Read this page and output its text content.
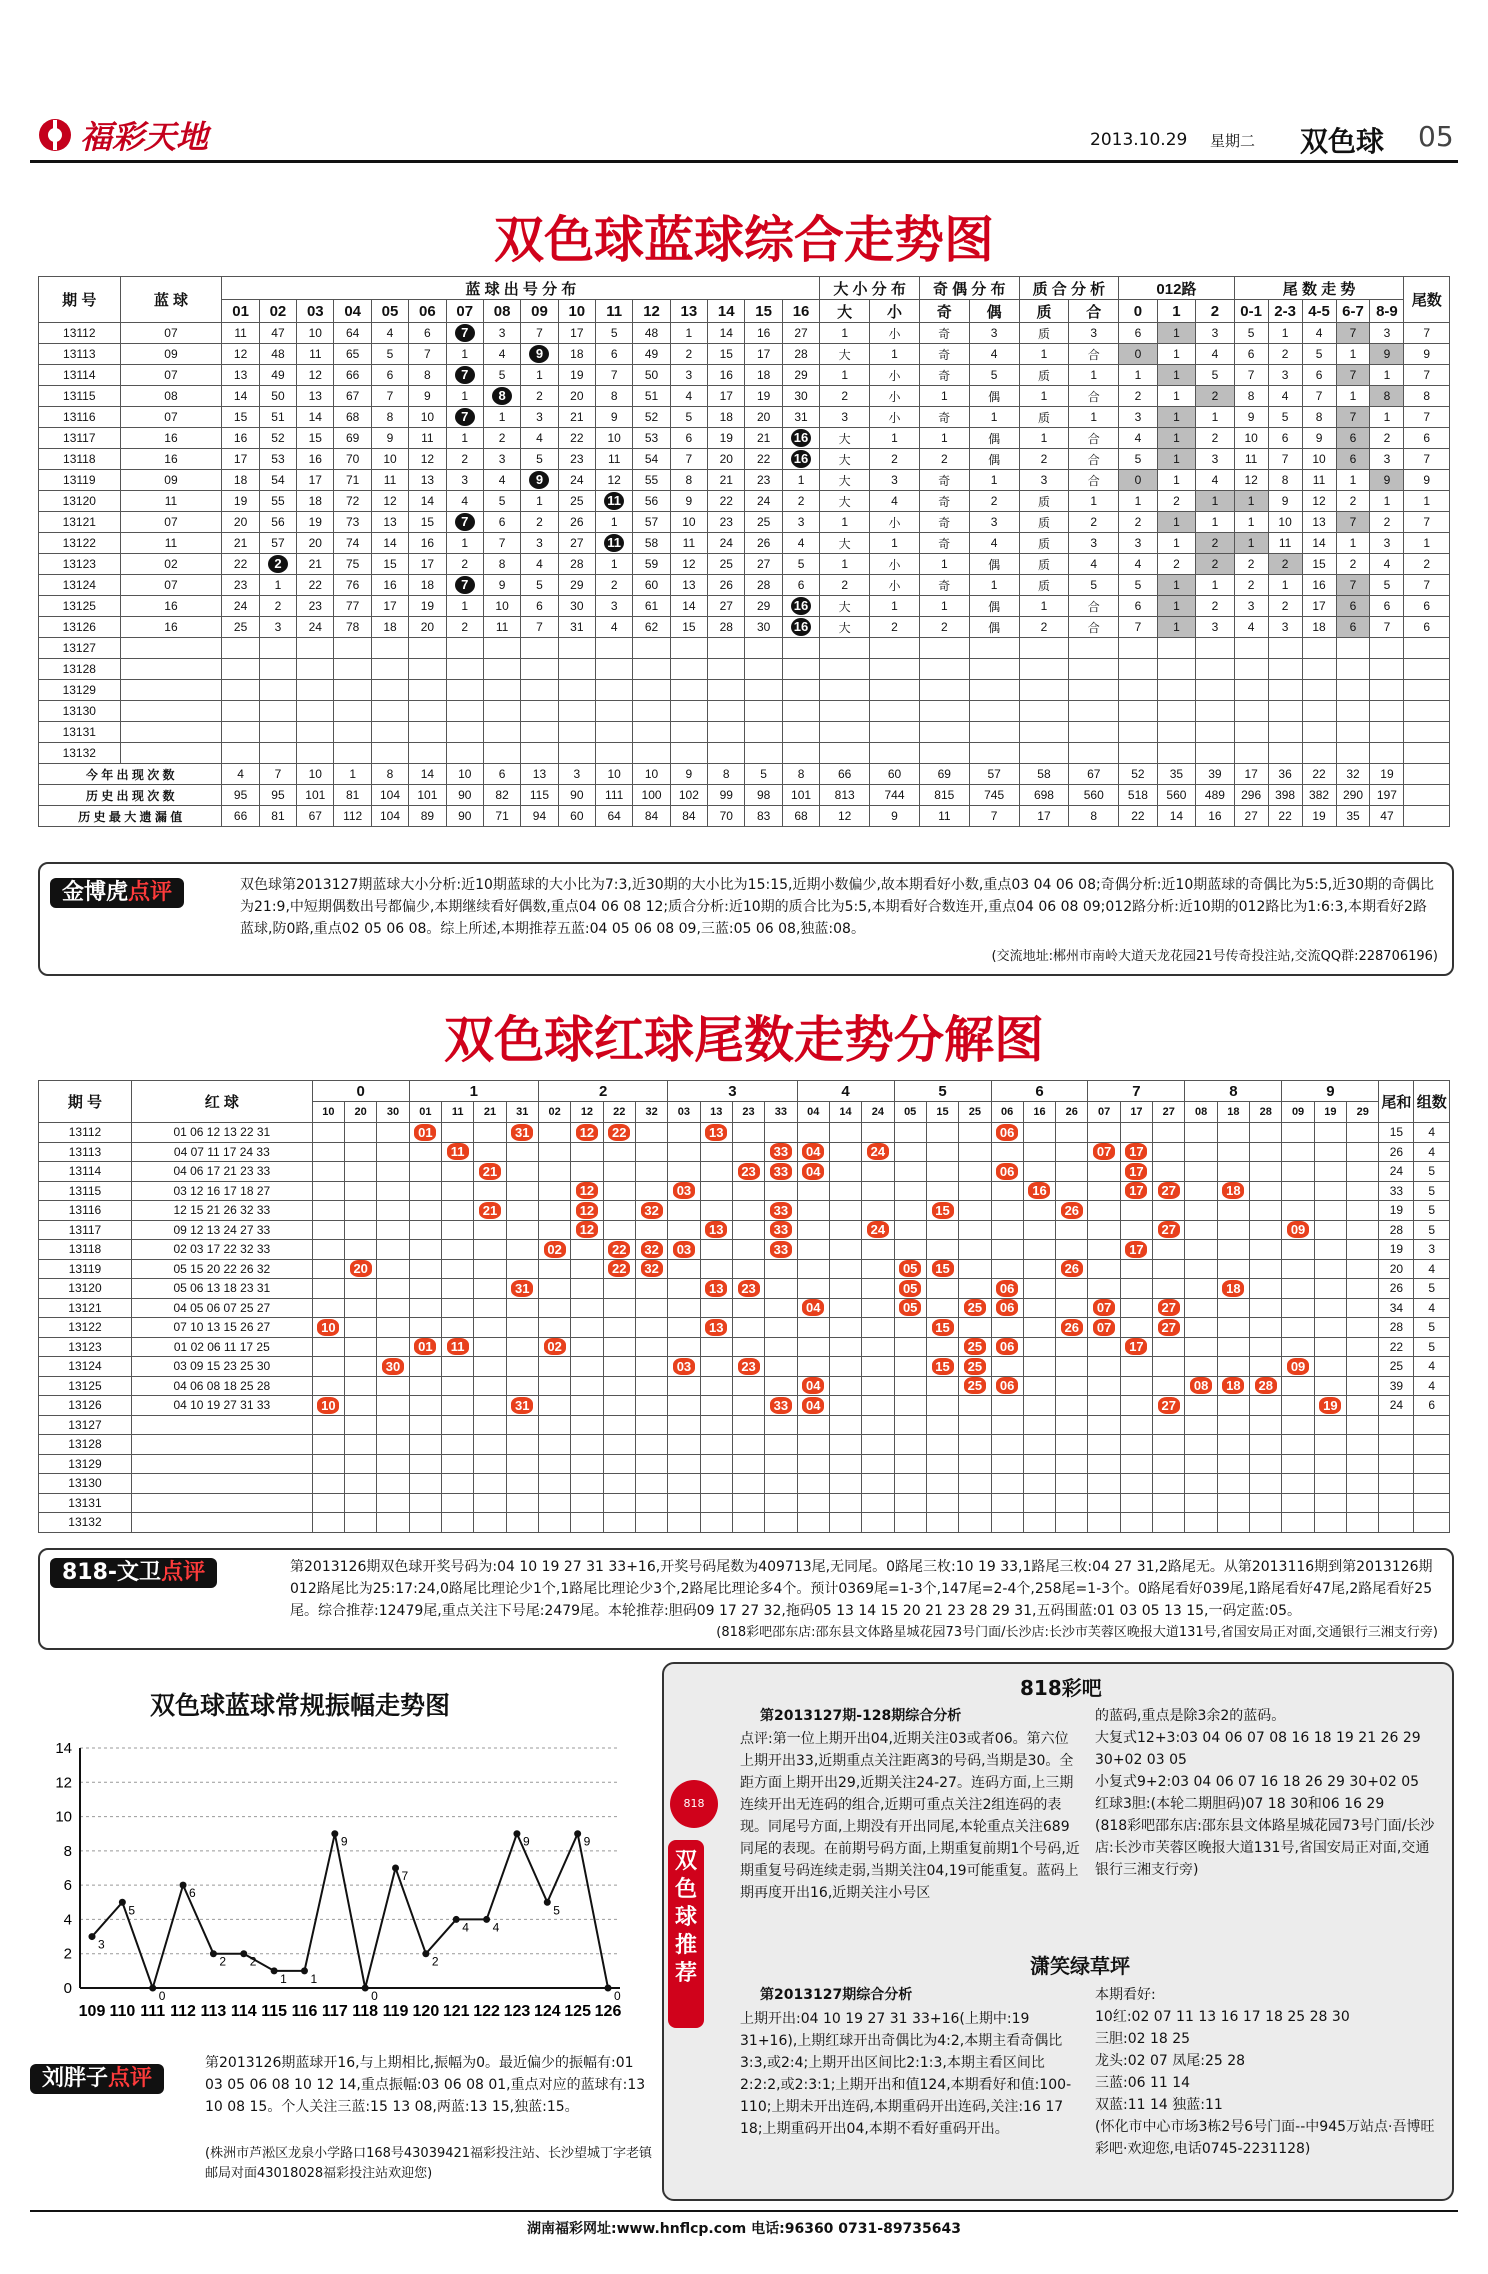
福彩天地	2013.10.29 星期二 双色球 05
双色球蓝球综合走势图
期 号	蓝 球	蓝 球 出 号 分 布																大 小 分 布		奇 偶 分 布		质 合 分 析		012路			尾 数 走 势					尾数
		01	02	03	04	05	06	07	08	09	10	11	12	13	14	15	16	大	小	奇	偶	质	合	0	1	2	0-1	2-3	4-5	6-7	8-9	
13112	07	11	47	10	64	4	6	7	3	7	17	5	48	1	14	16	27	1	小	奇	3	质	3	6	1	3	5	1	4	7	3	7
13113	09	12	48	11	65	5	7	1	4	9	18	6	49	2	15	17	28	大	1	奇	4	1	合	0	1	4	6	2	5	1	9	9
13114	07	13	49	12	66	6	8	7	5	1	19	7	50	3	16	18	29	1	小	奇	5	质	1	1	1	5	7	3	6	7	1	7
13115	08	14	50	13	67	7	9	1	8	2	20	8	51	4	17	19	30	2	小	1	偶	1	合	2	1	2	8	4	7	1	8	8
13116	07	15	51	14	68	8	10	7	1	3	21	9	52	5	18	20	31	3	小	奇	1	质	1	3	1	1	9	5	8	7	1	7
13117	16	16	52	15	69	9	11	1	2	4	22	10	53	6	19	21	16	大	1	1	偶	1	合	4	1	2	10	6	9	6	2	6
13118	16	17	53	16	70	10	12	2	3	5	23	11	54	7	20	22	16	大	2	2	偶	2	合	5	1	3	11	7	10	6	3	7
13119	09	18	54	17	71	11	13	3	4	9	24	12	55	8	21	23	1	大	3	奇	1	3	合	0	1	4	12	8	11	1	9	9
13120	11	19	55	18	72	12	14	4	5	1	25	11	56	9	22	24	2	大	4	奇	2	质	1	1	2	1	1	9	12	2	1	1
13121	07	20	56	19	73	13	15	7	6	2	26	1	57	10	23	25	3	1	小	奇	3	质	2	2	1	1	1	10	13	7	2	7
13122	11	21	57	20	74	14	16	1	7	3	27	11	58	11	24	26	4	大	1	奇	4	质	3	3	1	2	1	11	14	1	3	1
13123	02	22	2	21	75	15	17	2	8	4	28	1	59	12	25	27	5	1	小	1	偶	质	4	4	2	2	2	2	15	2	4	2
13124	07	23	1	22	76	16	18	7	9	5	29	2	60	13	26	28	6	2	小	奇	1	质	5	5	1	1	2	1	16	7	5	7
13125	16	24	2	23	77	17	19	1	10	6	30	3	61	14	27	29	16	大	1	1	偶	1	合	6	1	2	3	2	17	6	6	6
13126	16	25	3	24	78	18	20	2	11	7	31	4	62	15	28	30	16	大	2	2	偶	2	合	7	1	3	4	3	18	6	7	6
13127																																
13128																																
13129																																
13130																																
13131																																
13132																																
今 年 出 现 次 数		4	7	10	1	8	14	10	6	13	3	10	10	9	8	5	8	66	60	69	57	58	67	52	35	39	17	36	22	32	19	
历 史 出 现 次 数		95	95	101	81	104	101	90	82	115	90	111	100	102	99	98	101	813	744	815	745	698	560	518	560	489	296	398	382	290	197	
历 史 最 大 遗 漏 值		66	81	67	112	104	89	90	71	94	60	64	84	84	70	83	68	12	9	11	7	17	8	22	14	16	27	22	19	35	47	
金博虎点评	双色球第2013127期蓝球大小分析:近10期蓝球的大小比为7:3,近30期的大小比为15:15,近期小数偏少,故本期看好小数,重点03 04 06 08;奇偶分析:近10期蓝球的奇偶比为5:5,近30期的奇偶比为21:9,中短期偶数出号都偏少,本期继续看好偶数,重点04 06 08 12;质合分析:近10期的质合比为5:5,本期看好合数连开,重点04 06 08 09;012路分析:近10期的012路比为1:6:3,本期看好2路蓝球,防0路,重点02 05 06 08。综上所述,本期推荐五蓝:04 05 06 08 09,三蓝:05 06 08,独蓝:08。
(交流地址:郴州市南岭大道天龙花园21号传奇投注站,交流QQ群:228706196)
双色球红球尾数走势分解图
期 号	红 球	0			1				2				3				4			5			6			7			8			9			尾和	组数
		10	20	30	01	11	21	31	02	12	22	32	03	13	23	33	04	14	24	05	15	25	06	16	26	07	17	27	08	18	28	09	19	29		
13112	01 06 12 13 22 31				01			31		12	22			13									06												15	4
13113	04 07 11 17 24 33					11										33	04		24							07	17								26	4
13114	04 06 17 21 23 33						21								23	33	04						06				17								24	5
13115	03 12 16 17 18 27									12			03											16			17	27		18					33	5
13116	12 15 21 26 32 33						21			12		32				33					15				26										19	5
13117	09 12 13 24 27 33									12				13		33			24									27				09			28	5
13118	02 03 17 22 32 33								02		22	32	03			33											17								19	3
13119	05 15 20 22 26 32		20								22	32								05	15				26										20	4
13120	05 06 13 18 23 31							31						13	23					05			06							18					26	5
13121	04 05 06 07 25 27																04			05		25	06			07		27							34	4
13122	07 10 13 15 26 27	10												13							15				26	07		27							28	5
13123	01 02 06 11 17 25				01	11			02													25	06				17								22	5
13124	03 09 15 23 25 30			30									03		23						15	25										09			25	4
13125	04 06 08 18 25 28																04					25	06						08	18	28				39	4
13126	04 10 19 27 31 33	10						31								33	04											27					19		24	6
13127																																				
13128																																				
13129																																				
13130																																				
13131																																				
13132																																				
818-文卫点评	第2013126期双色球开奖号码为:04 10 19 27 31 33+16,开奖号码尾数为409713尾,无同尾。0路尾三枚:10 19 33,1路尾三枚:04 27 31,2路尾无。从第2013116期到第2013126期012路尾比为25:17:24,0路尾比理论少1个,1路尾比理论少3个,2路尾比理论多4个。预计0369尾=1-3个,147尾=2-4个,258尾=1-3个。0路尾看好039尾,1路尾看好47尾,2路尾看好25尾。综合推荐:12479尾,重点关注下号尾:2479尾。本轮推荐:胆码09 17 27 32,拖码05 13 14 15 20 21 23 28 29 31,五码围蓝:01 03 05 13 15,一码定蓝:05。
(818彩吧邵东店:邵东县文体路星城花园73号门面/长沙店:长沙市芙蓉区晚报大道131号,省国安局正对面,交通银行三湘支行旁)
双色球蓝球常规振幅走势图
0
2
4
6
8
10
12
14
109 110 111 112 113 114 115 116 117 118 119 120 121 122 123 124 125 126
3
5
0
6
2 2
1 1
9
0
7
2
4 4
9
5
9
0
刘胖子点评
第2013126期蓝球开16,与上期相比,振幅为0。最近偏少的振幅有:01 03 05 06 08 10 12 14,重点振幅:03 06 08 01,重点对应的蓝球有:13 10 08 15。个人关注三蓝:15 13 08,两蓝:13 15,独蓝:15。
(株洲市芦淞区龙泉小学路口168号43039421福彩投注站、长沙望城丁字老镇邮局对面43018028福彩投注站欢迎您)
818
双色球推荐
818彩吧
第2013127期-128期综合分析
点评:第一位上期开出04,近期关注03或者06。第六位上期开出33,近期重点关注距离3的号码,当期是30。全距方面上期开出29,近期关注24-27。连码方面,上三期连续开出无连码的组合,近期可重点关注2组连码的表现。同尾号方面,上期没有开出同尾,本轮重点关注689同尾的表现。在前期号码方面,上期重复前期1个号码,近期重复号码连续走弱,当期关注04,19可能重复。蓝码上期再度开出16,近期关注小号区
的蓝码,重点是除3余2的蓝码。
大复式12+3:03 04 06 07 08 16 18 19 21 26 29 30+02 03 05
小复式9+2:03 04 06 07 16 18 26 29 30+02 05
红球3胆:(本轮二期胆码)07 18 30和06 16 29
(818彩吧邵东店:邵东县文体路星城花园73号门面/长沙店:长沙市芙蓉区晚报大道131号,省国安局正对面,交通银行三湘支行旁)
潇笑绿草坪
第2013127期综合分析
上期开出:04 10 19 27 31 33+16(上期中:19 31+16),上期红球开出奇偶比为4:2,本期主看奇偶比3:3,或2:4;上期开出区间比2:1:3,本期主看区间比2:2:2,或2:3:1;上期开出和值124,本期看好和值:100-110;上期未开出连码,本期重码开出连码,关注:16 17 18;上期重码开出04,本期不看好重码开出。
本期看好:
10红:02 07 11 13 16 17 18 25 28 30
三胆:02 18 25
龙头:02 07 凤尾:25 28
三蓝:06 11 14
双蓝:11 14 独蓝:11
(怀化市中心市场3栋2号6号门面--中945万站点·吾博旺彩吧·欢迎您,电话0745-2231128)
湖南福彩网址:www.hnflcp.com 电话:96360 0731-89735643
